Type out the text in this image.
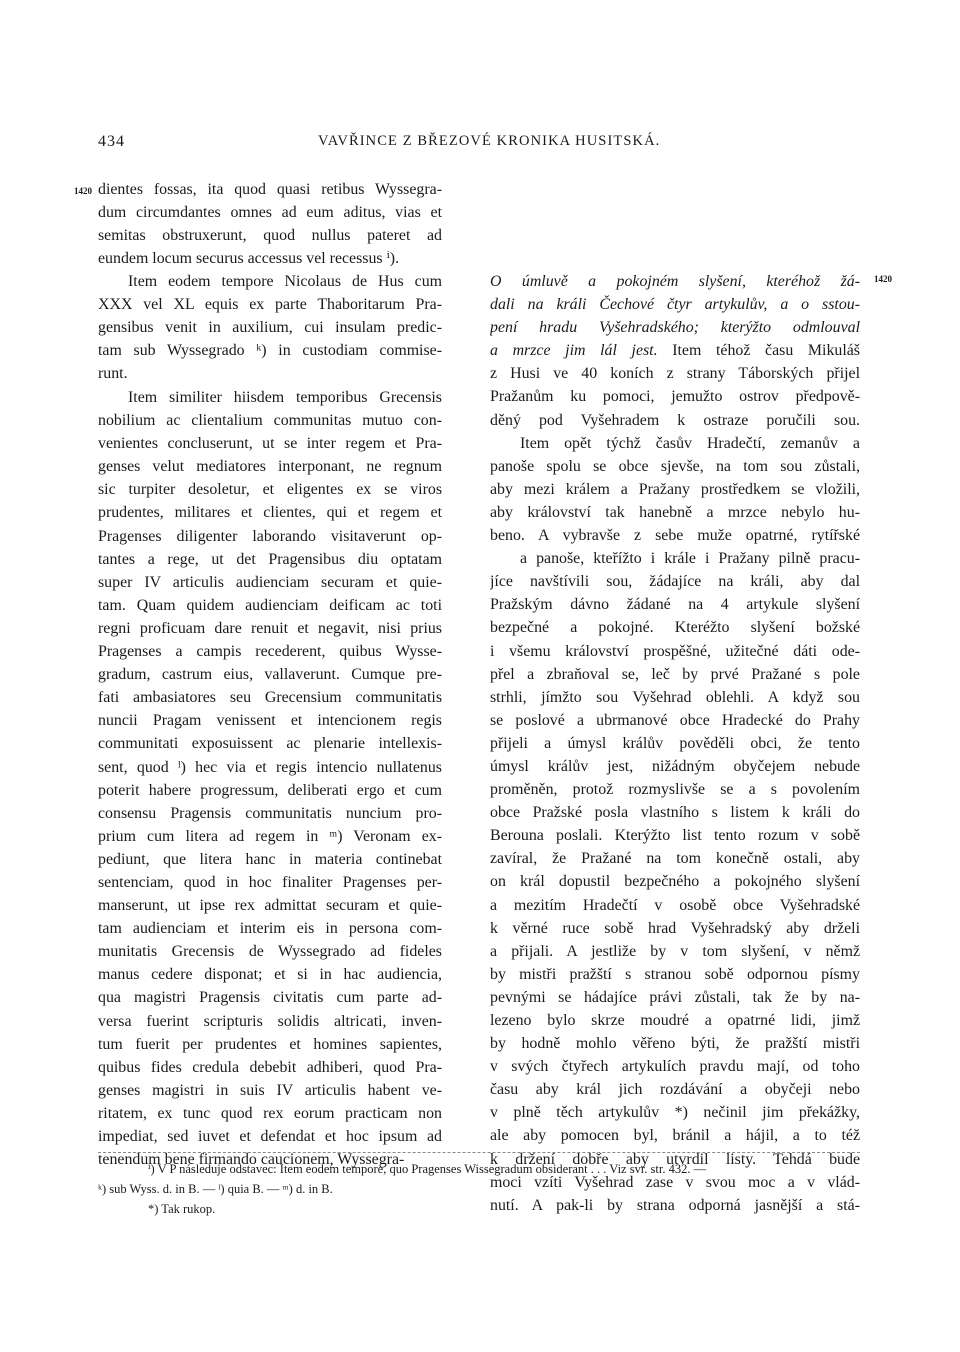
434	VAVŘINCE Z BŘEZOVÉ KRONIKA HUSITSKÁ.
1420
1420
dientes fossas, ita quod quasi retibus Wyssegra-
dum circumdantes omnes ad eum aditus, vias et
semitas obstruxerunt, quod nullus pateret ad
eundem locum securus accessus vel recessus ⁱ).
Item eodem tempore Nicolaus de Hus cum
XXX vel XL equis ex parte Thaboritarum Pra-
gensibus venit in auxilium, cui insulam predic-
tam sub Wyssegrado ᵏ) in custodiam commise-
runt.
Item similiter hiisdem temporibus Grecensis
nobilium ac clientalium communitas mutuo con-
venientes concluserunt, ut se inter regem et Pra-
genses velut mediatores interponant, ne regnum
sic turpiter desoletur, et eligentes ex se viros
prudentes, militares et clientes, qui et regem et
Pragenses diligenter laborando visitaverunt op-
tantes a rege, ut det Pragensibus diu optatam
super IV articulis audienciam securam et quie-
tam. Quam quidem audienciam deificam ac toti
regni proficuam dare renuit et negavit, nisi prius
Pragenses a campis recederent, quibus Wysse-
gradum, castrum eius, vallaverunt. Cumque pre-
fati ambasiatores seu Grecensium communitatis
nuncii Pragam venissent et intencionem regis
communitati exposuissent ac plenarie intellexis-
sent, quod ˡ) hec via et regis intencio nullatenus
poterit habere progressum, deliberati ergo et cum
consensu Pragensis communitatis nuncium pro-
prium cum litera ad regem in ᵐ) Veronam ex-
pediunt, que litera hanc in materia continebat
sentenciam, quod in hoc finaliter Pragenses per-
manserunt, ut ipse rex admittat securam et quie-
tam audienciam et interim eis in persona com-
munitatis Grecensis de Wyssegrado ad fideles
manus cedere disponat; et si in hac audiencia,
qua magistri Pragensis civitatis cum parte ad-
versa fuerint scripturis solidis altricati, inven-
tum fuerit per prudentes et homines sapientes,
quibus fides credula debebit adhiberi, quod Pra-
genses magistri in suis IV articulis habent ve-
ritatem, ex tunc quod rex eorum practicam non
impediat, sed iuvet et defendat et hoc ipsum ad
tenendum bene firmando caucionem, Wyssegra-
O úmluvě a pokojném slyšení, kteréhož žá-
dali na králi Čechové čtyr artykulův, a o sstou-
pení hradu Vyšehradského; kterýžto odmlouval
a mrzce jim lál jest. Item téhož času Mikuláš
z Husi ve 40 koních z strany Táborských přijel
Pražanům ku pomoci, jemužto ostrov předpově-
děný pod Vyšehradem k ostraze poručili sou.
Item opět týchž časův Hradečtí, zemanův a
panoše spolu se obce sjevše, na tom sou zůstali,
aby mezi králem a Pražany prostředkem se vložili,
aby království tak hanebně a mrzce nebylo hu-
beno. A vybravše z sebe muže opatrné, rytířské
a panoše, kteřížto i krále i Pražany pilně pracu-
jíce navštívili sou, žádajíce na králi, aby dal
Pražským dávno žádané na 4 artykule slyšení
bezpečné a pokojné. Kteréžto slyšení božské
i všemu království prospěšné, užitečné dáti ode-
přel a zbraňoval se, leč by prvé Pražané s pole
strhli, jímžto sou Vyšehrad oblehli. A když sou
se poslové a ubrmanové obce Hradecké do Prahy
přijeli a úmysl králův pověděli obci, že tento
úmysl králův jest, nižádným obyčejem nebude
proměněn, protož rozmyslivše se a s povolením
obce Pražské posla vlastního s listem k králi do
Berouna poslali. Kterýžto list tento rozum v sobě
zavíral, že Pražané na tom konečně ostali, aby
on král dopustil bezpečného a pokojného slyšení
a mezitím Hradečtí v osobě obce Vyšehradské
k věrné ruce sobě hrad Vyšehradský aby drželi
a přijali. A jestliže by v tom slyšení, v němž
by mistři pražští s stranou sobě odpornou písmy
pevnými se hádajíce právi zůstali, tak že by na-
lezeno bylo skrze moudré a opatrné lidi, jimž
by hodně mohlo věřeno býti, že pražští mistři
v svých čtyřech artykulích pravdu mají, od toho
času aby král jich rozdávání a obyčeji nebo
v plně těch artykulův *) nečinil jim překážky,
ale aby pomocen byl, bránil a hájil, a to též
k držení dobře aby utvrdil listy. Tehdá bude
moci vzíti Vyšehrad zase v svou moc a v vlád-
nutí. A pak-li by strana odporná jasnější a stá-
ⁱ) V P následuje odstavec: Item eodem tempore, quo Pragenses Wissegradum obsiderant . . . Viz svr. str. 432. —
ᵏ) sub Wyss. d. in B. — ˡ) quia B. — ᵐ) d. in B.
*) Tak rukop.
